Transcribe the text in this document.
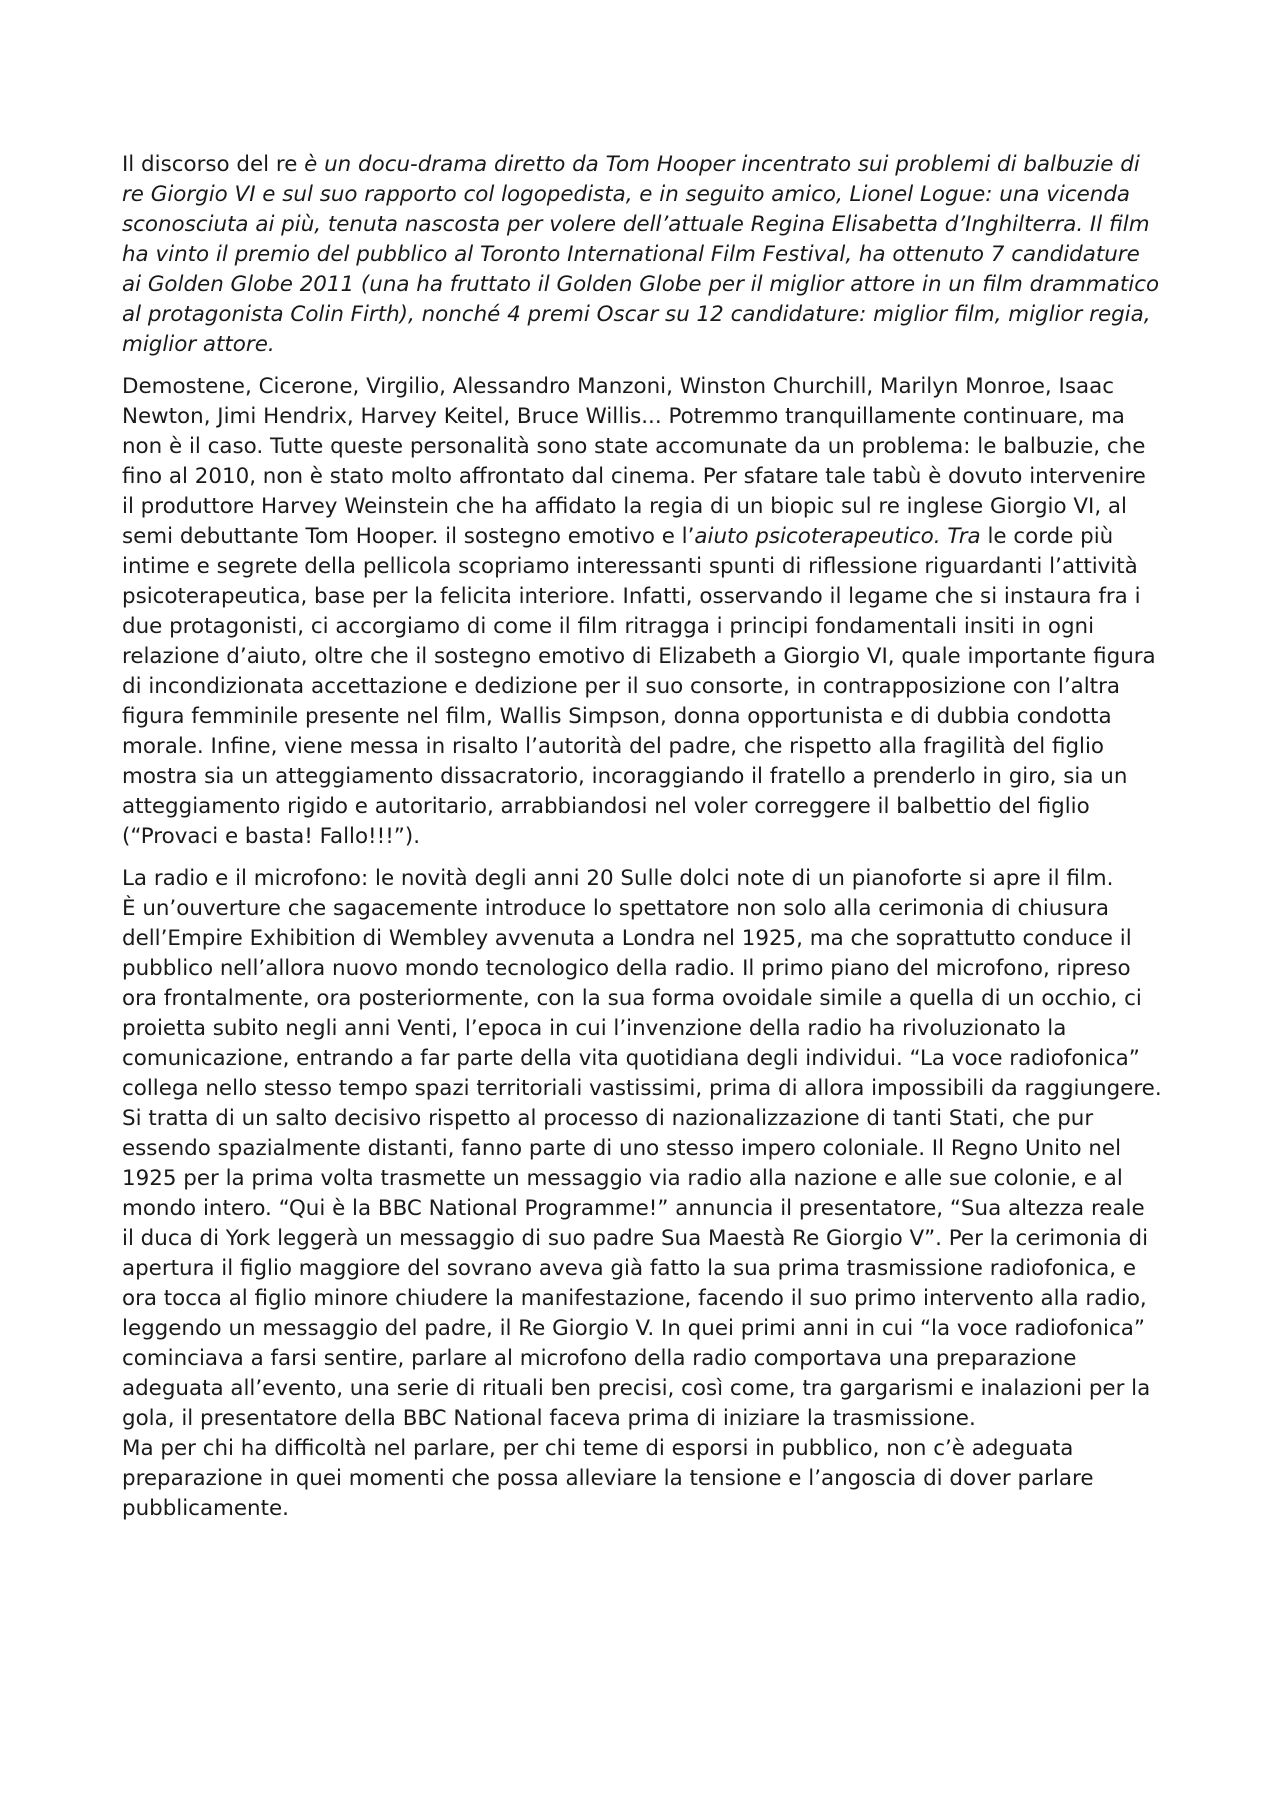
Il discorso del re è un docu-drama diretto da Tom Hooper incentrato sui problemi di balbuzie di re Giorgio VI e sul suo rapporto col logopedista, e in seguito amico, Lionel Logue: una vicenda sconosciuta ai più, tenuta nascosta per volere dell’attuale Regina Elisabetta d’Inghilterra. Il film ha vinto il premio del pubblico al Toronto International Film Festival, ha ottenuto 7 candidature ai Golden Globe 2011 (una ha fruttato il Golden Globe per il miglior attore in un film drammatico al protagonista Colin Firth), nonché 4 premi Oscar su 12 candidature: miglior film, miglior regia, miglior attore.

Demostene, Cicerone, Virgilio, Alessandro Manzoni, Winston Churchill, Marilyn Monroe, Isaac Newton, Jimi Hendrix, Harvey Keitel, Bruce Willis... Potremmo tranquillamente continuare, ma non è il caso. Tutte queste personalità sono state accomunate da un problema: le balbuzie, che fino al 2010, non è stato molto affrontato dal cinema. Per sfatare tale tabù è dovuto intervenire il produttore Harvey Weinstein che ha affidato la regia di un biopic sul re inglese Giorgio VI, al semi debuttante Tom Hooper. il sostegno emotivo e l’aiuto psicoterapeutico. Tra le corde più intime e segrete della pellicola scopriamo interessanti spunti di riflessione riguardanti l’attività psicoterapeutica, base per la felicita interiore. Infatti, osservando il legame che si instaura fra i due protagonisti, ci accorgiamo di come il film ritragga i principi fondamentali insiti in ogni relazione d’aiuto, oltre che il sostegno emotivo di Elizabeth a Giorgio VI, quale importante figura di incondizionata accettazione e dedizione per il suo consorte, in contrapposizione con l’altra figura femminile presente nel film, Wallis Simpson, donna opportunista e di dubbia condotta morale. Infine, viene messa in risalto l’autorità del padre, che rispetto alla fragilità del figlio mostra sia un atteggiamento dissacratorio, incoraggiando il fratello a prenderlo in giro, sia un atteggiamento rigido e autoritario, arrabbiandosi nel voler correggere il balbettio del figlio (“Provaci e basta! Fallo!!!”).

La radio e il microfono: le novità degli anni 20 Sulle dolci note di un pianoforte si apre il film.

È un’ouverture che sagacemente introduce lo spettatore non solo alla cerimonia di chiusura dell’Empire Exhibition di Wembley avvenuta a Londra nel 1925, ma che soprattutto conduce il pubblico nell’allora nuovo mondo tecnologico della radio. Il primo piano del microfono, ripreso ora frontalmente, ora posteriormente, con la sua forma ovoidale simile a quella di un occhio, ci proietta subito negli anni Venti, l’epoca in cui l’invenzione della radio ha rivoluzionato la comunicazione, entrando a far parte della vita quotidiana degli individui. “La voce radiofonica” collega nello stesso tempo spazi territoriali vastissimi, prima di allora impossibili da raggiungere. Si tratta di un salto decisivo rispetto al processo di nazionalizzazione di tanti Stati, che pur essendo spazialmente distanti, fanno parte di uno stesso impero coloniale. Il Regno Unito nel 1925 per la prima volta trasmette un messaggio via radio alla nazione e alle sue colonie, e al mondo intero. “Qui è la BBC National Programme!” annuncia il presentatore, “Sua altezza reale il duca di York leggerà un messaggio di suo padre Sua Maestà Re Giorgio V”. Per la cerimonia di apertura il figlio maggiore del sovrano aveva già fatto la sua prima trasmissione radiofonica, e ora tocca al figlio minore chiudere la manifestazione, facendo il suo primo intervento alla radio, leggendo un messaggio del padre, il Re Giorgio V. In quei primi anni in cui “la voce radiofonica” cominciava a farsi sentire, parlare al microfono della radio comportava una preparazione adeguata all’evento, una serie di rituali ben precisi, così come, tra gargarismi e inalazioni per la gola, il presentatore della BBC National faceva prima di iniziare la trasmissione.

Ma per chi ha difficoltà nel parlare, per chi teme di esporsi in pubblico, non c’è adeguata preparazione in quei momenti che possa alleviare la tensione e l’angoscia di dover parlare pubblicamente.
